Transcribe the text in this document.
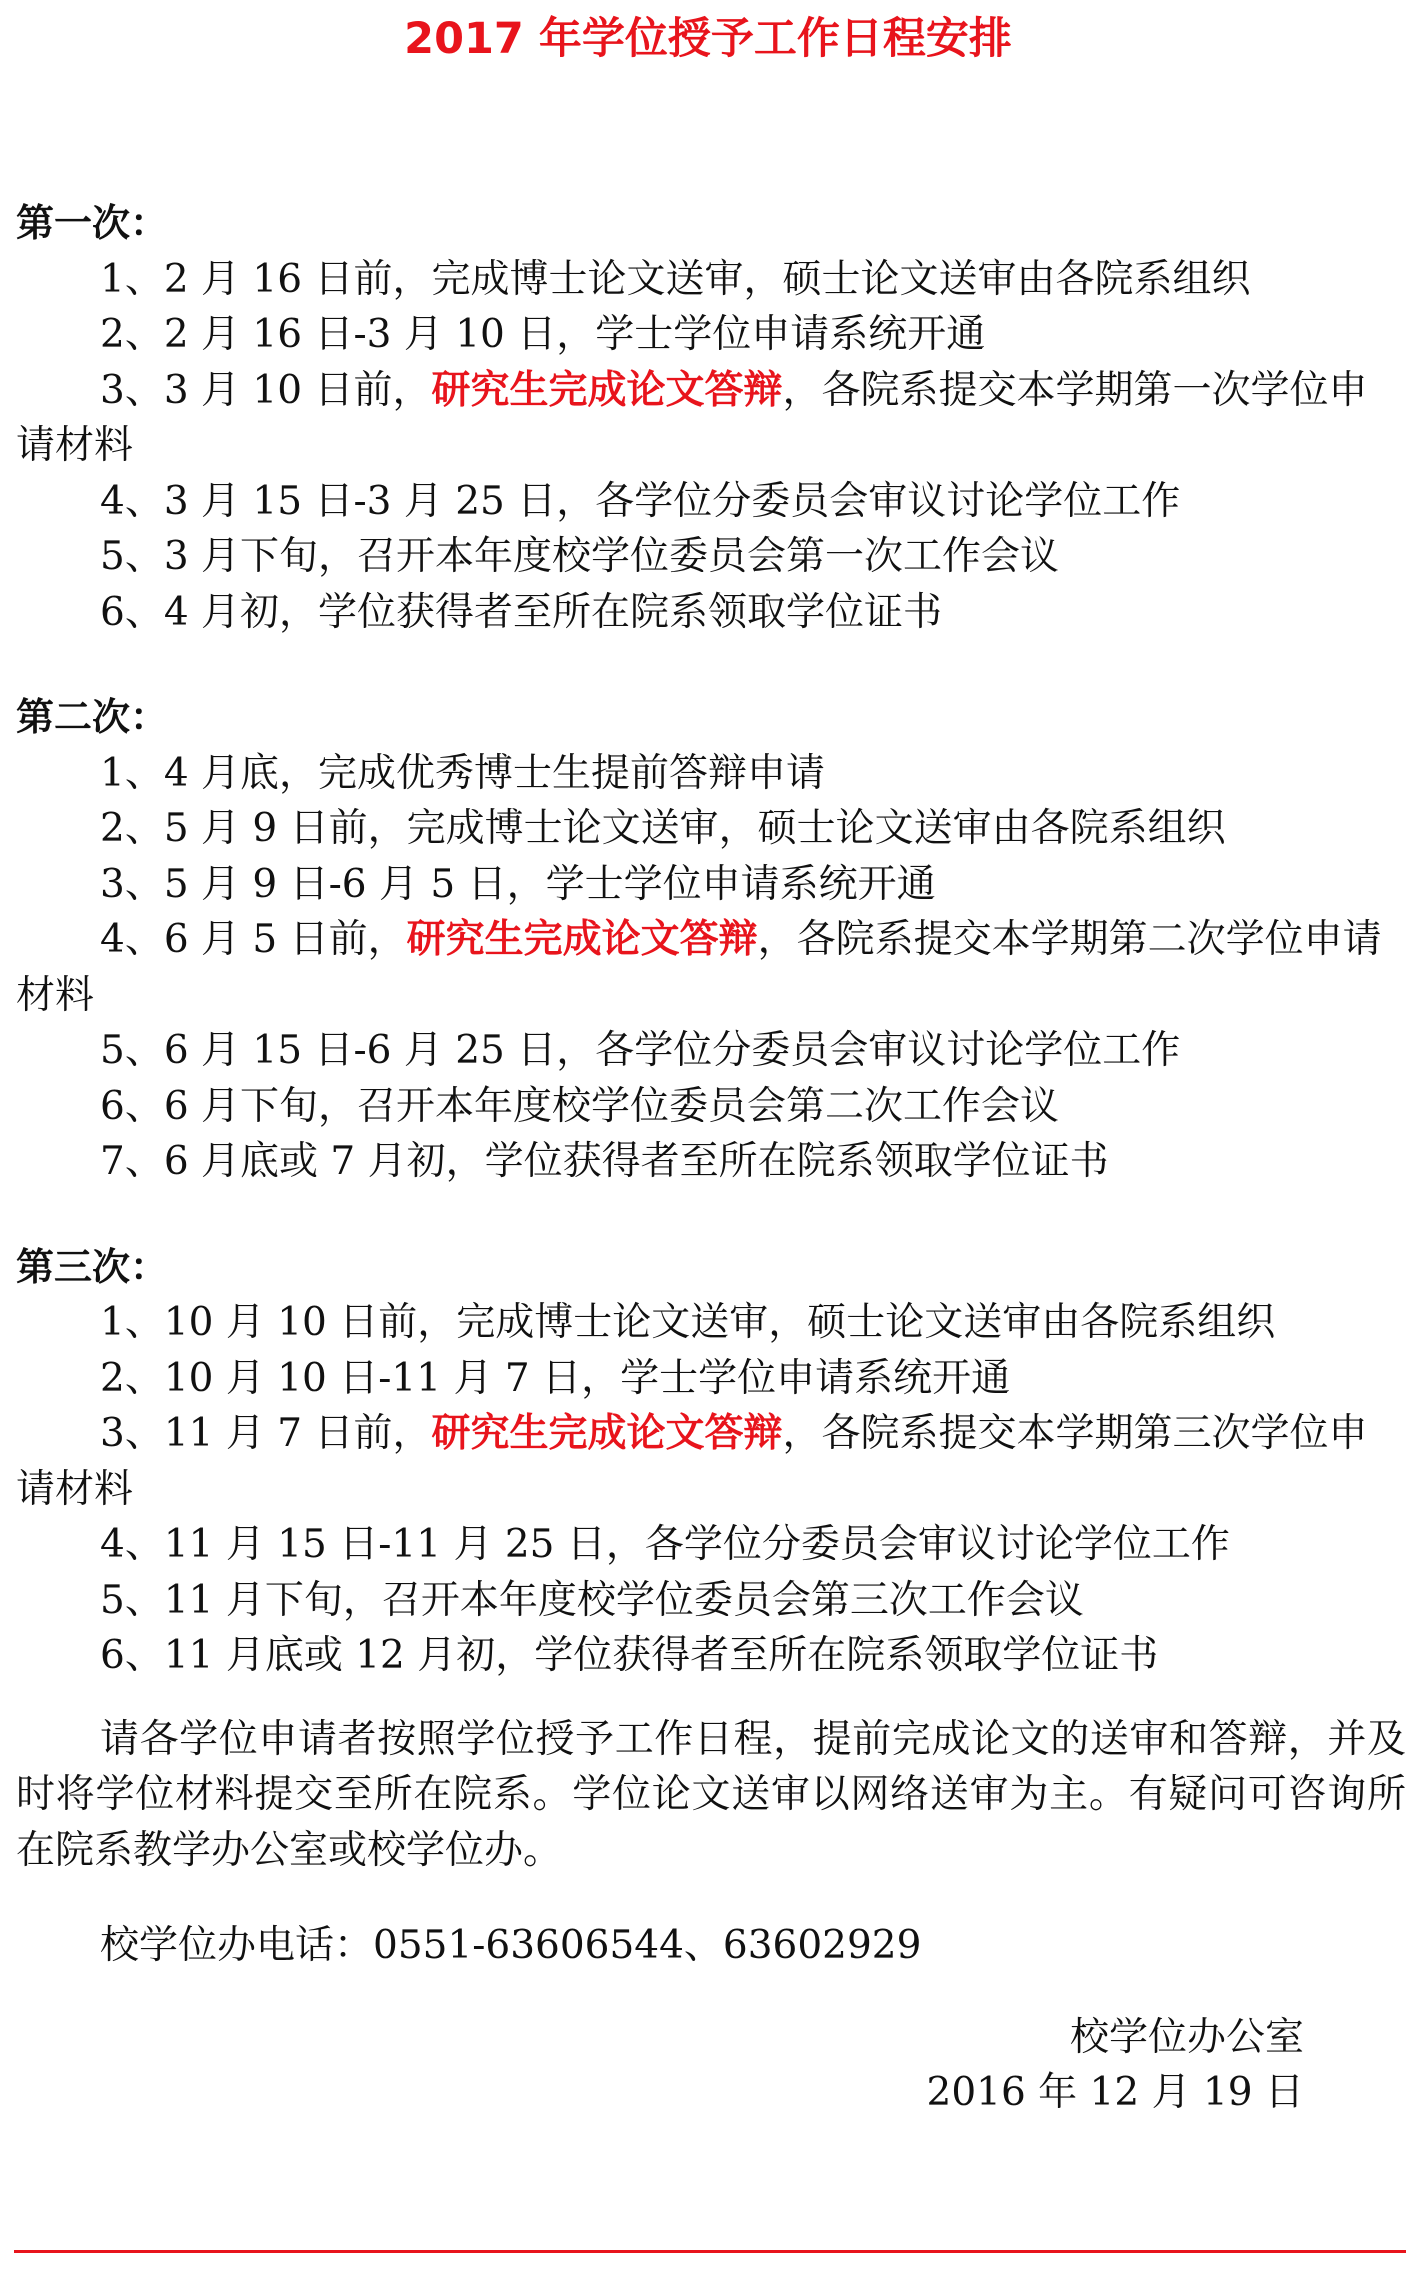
2017 年学位授予工作日程安排
第一次：
1、2 月 16 日前，完成博士论文送审，硕士论文送审由各院系组织
2、2 月 16 日-3 月 10 日，学士学位申请系统开通
3、3 月 10 日前，研究生完成论文答辩，各院系提交本学期第一次学位申请材料
4、3 月 15 日-3 月 25 日，各学位分委员会审议讨论学位工作
5、3 月下旬，召开本年度校学位委员会第一次工作会议
6、4 月初，学位获得者至所在院系领取学位证书
第二次：
1、4 月底，完成优秀博士生提前答辩申请
2、5 月 9 日前，完成博士论文送审，硕士论文送审由各院系组织
3、5 月 9 日-6 月 5 日，学士学位申请系统开通
4、6 月 5 日前，研究生完成论文答辩，各院系提交本学期第二次学位申请材料
5、6 月 15 日-6 月 25 日，各学位分委员会审议讨论学位工作
6、6 月下旬，召开本年度校学位委员会第二次工作会议
7、6 月底或 7 月初，学位获得者至所在院系领取学位证书
第三次：
1、10 月 10 日前，完成博士论文送审，硕士论文送审由各院系组织
2、10 月 10 日-11 月 7 日，学士学位申请系统开通
3、11 月 7 日前，研究生完成论文答辩，各院系提交本学期第三次学位申请材料
4、11 月 15 日-11 月 25 日，各学位分委员会审议讨论学位工作
5、11 月下旬，召开本年度校学位委员会第三次工作会议
6、11 月底或 12 月初，学位获得者至所在院系领取学位证书
请各学位申请者按照学位授予工作日程，提前完成论文的送审和答辩，并及时将学位材料提交至所在院系。学位论文送审以网络送审为主。有疑问可咨询所在院系教学办公室或校学位办。
校学位办电话：0551-63606544、63602929
校学位办公室
2016 年 12 月 19 日
